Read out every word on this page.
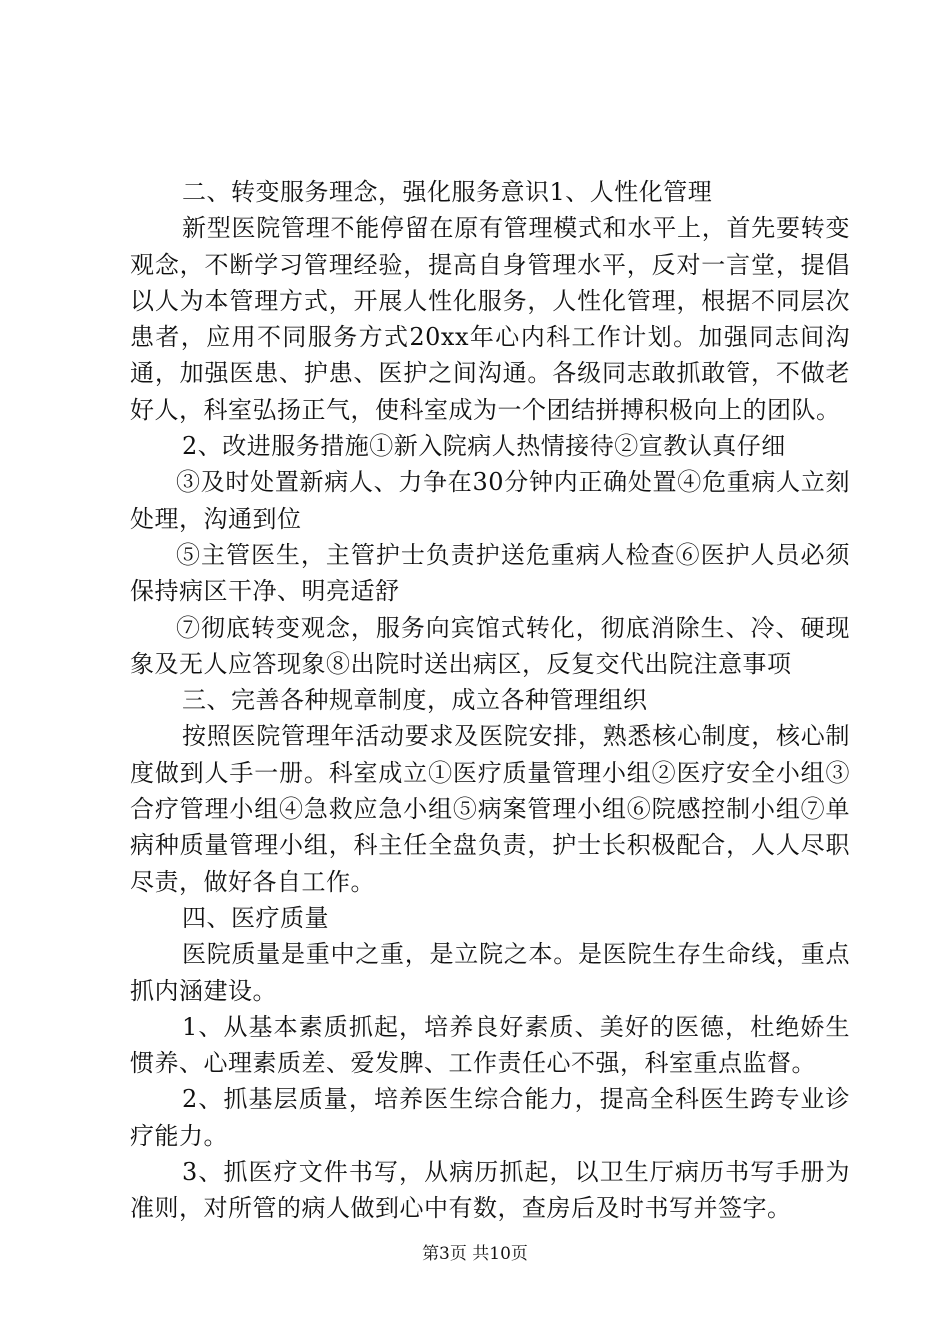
二、转变服务理念，强化服务意识1、人性化管理

新型医院管理不能停留在原有管理模式和水平上，首先要转变观念，不断学习管理经验，提高自身管理水平，反对一言堂，提倡以人为本管理方式，开展人性化服务，人性化管理，根据不同层次患者，应用不同服务方式20xx年心内科工作计划。加强同志间沟通，加强医患、护患、医护之间沟通。各级同志敢抓敢管，不做老好人，科室弘扬正气，使科室成为一个团结拼搏积极向上的团队。

2、改进服务措施①新入院病人热情接待②宣教认真仔细

③及时处置新病人、力争在30分钟内正确处置④危重病人立刻处理，沟通到位

⑤主管医生，主管护士负责护送危重病人检查⑥医护人员必须保持病区干净、明亮适舒

⑦彻底转变观念，服务向宾馆式转化，彻底消除生、冷、硬现象及无人应答现象⑧出院时送出病区，反复交代出院注意事项

三、完善各种规章制度，成立各种管理组织

按照医院管理年活动要求及医院安排，熟悉核心制度，核心制度做到人手一册。科室成立①医疗质量管理小组②医疗安全小组③合疗管理小组④急救应急小组⑤病案管理小组⑥院感控制小组⑦单病种质量管理小组，科主任全盘负责，护士长积极配合，人人尽职尽责，做好各自工作。

四、医疗质量

医院质量是重中之重，是立院之本。是医院生存生命线，重点抓内涵建设。

1、从基本素质抓起，培养良好素质、美好的医德，杜绝娇生惯养、心理素质差、爱发脾、工作责任心不强，科室重点监督。

2、抓基层质量，培养医生综合能力，提高全科医生跨专业诊疗能力。

3、抓医疗文件书写，从病历抓起，以卫生厅病历书写手册为准则，对所管的病人做到心中有数，查房后及时书写并签字。

第3页 共10页
